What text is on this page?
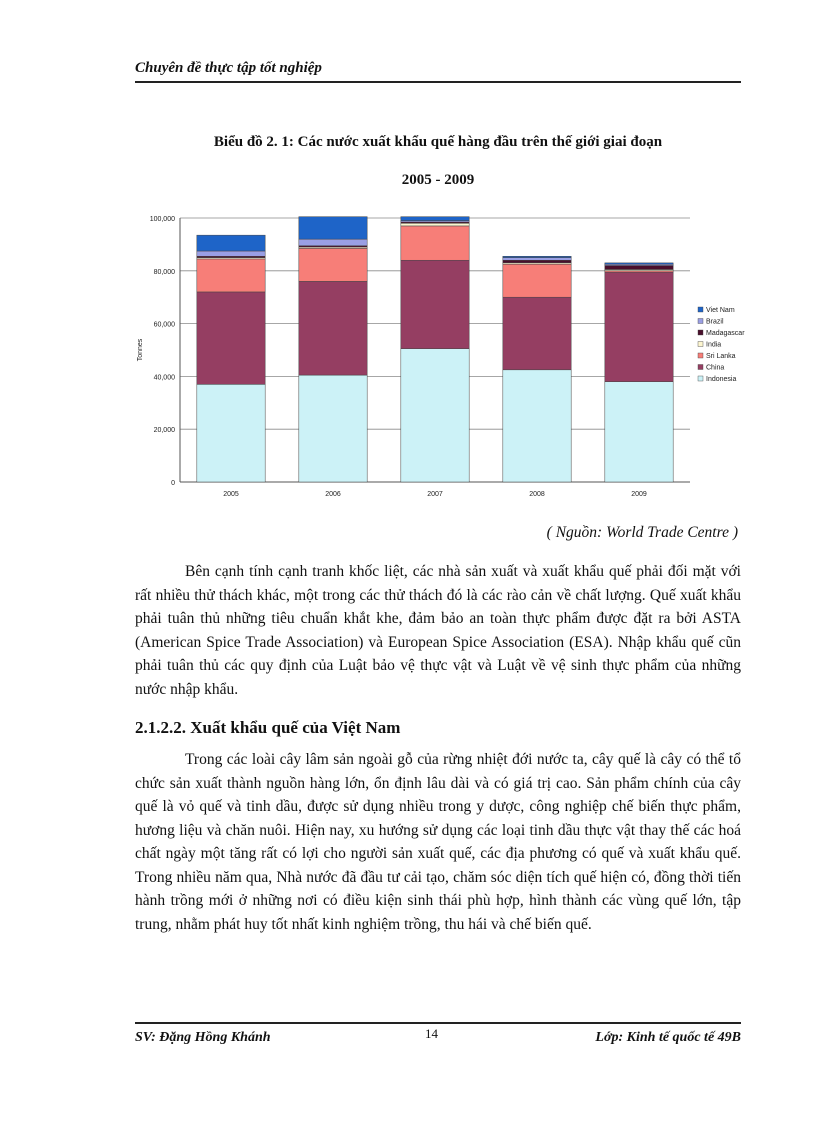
Chuyên đề thực tập tốt nghiệp
Biểu đồ 2. 1: Các nước xuất khẩu quế hàng đầu trên thế giới giai đoạn
2005 - 2009
0
20,000
40,000
60,000
80,000
100,000
Tonnes
2005	2006	2007	2008	2009
Viet Nam
Brazil
Madagascar
India
Sri Lanka
China
Indonesia
( Nguồn: World Trade Centre )

Bên cạnh tính cạnh tranh khốc liệt, các nhà sản xuất và xuất khẩu quế phải đối mặt với rất nhiều thử thách khác, một trong các thử thách đó là các rào cản về chất lượng. Quế xuất khẩu phải tuân thủ những tiêu chuẩn khắt khe, đảm bảo an toàn thực phẩm được đặt ra bởi ASTA (American Spice Trade Association) và European Spice Association (ESA). Nhập khẩu quế cũn phải tuân thủ các quy định của Luật bảo vệ thực vật và Luật về vệ sinh thực phẩm của những nước nhập khẩu.

2.1.2.2. Xuất khẩu quế của Việt Nam

Trong các loài cây lâm sản ngoài gỗ của rừng nhiệt đới nước ta, cây quế là cây có thể tổ chức sản xuất thành nguồn hàng lớn, ổn định lâu dài và có giá trị cao. Sản phẩm chính của cây quế là vỏ quế và tinh dầu, được sử dụng nhiều trong y dược, công nghiệp chế biến thực phẩm, hương liệu và chăn nuôi. Hiện nay, xu hướng sử dụng các loại tinh dầu thực vật thay thế các hoá chất ngày một tăng rất có lợi cho người sản xuất quế, các địa phương có quế và xuất khẩu quế. Trong nhiều năm qua, Nhà nước đã đầu tư cải tạo, chăm sóc diện tích quế hiện có, đồng thời tiến hành trồng mới ở những nơi có điều kiện sinh thái phù hợp, hình thành các vùng quế lớn, tập trung, nhằm phát huy tốt nhất kinh nghiệm trồng, thu hái và chế biến quế.

SV: Đặng Hồng Khánh	14	Lớp: Kinh tế quốc tế 49B
